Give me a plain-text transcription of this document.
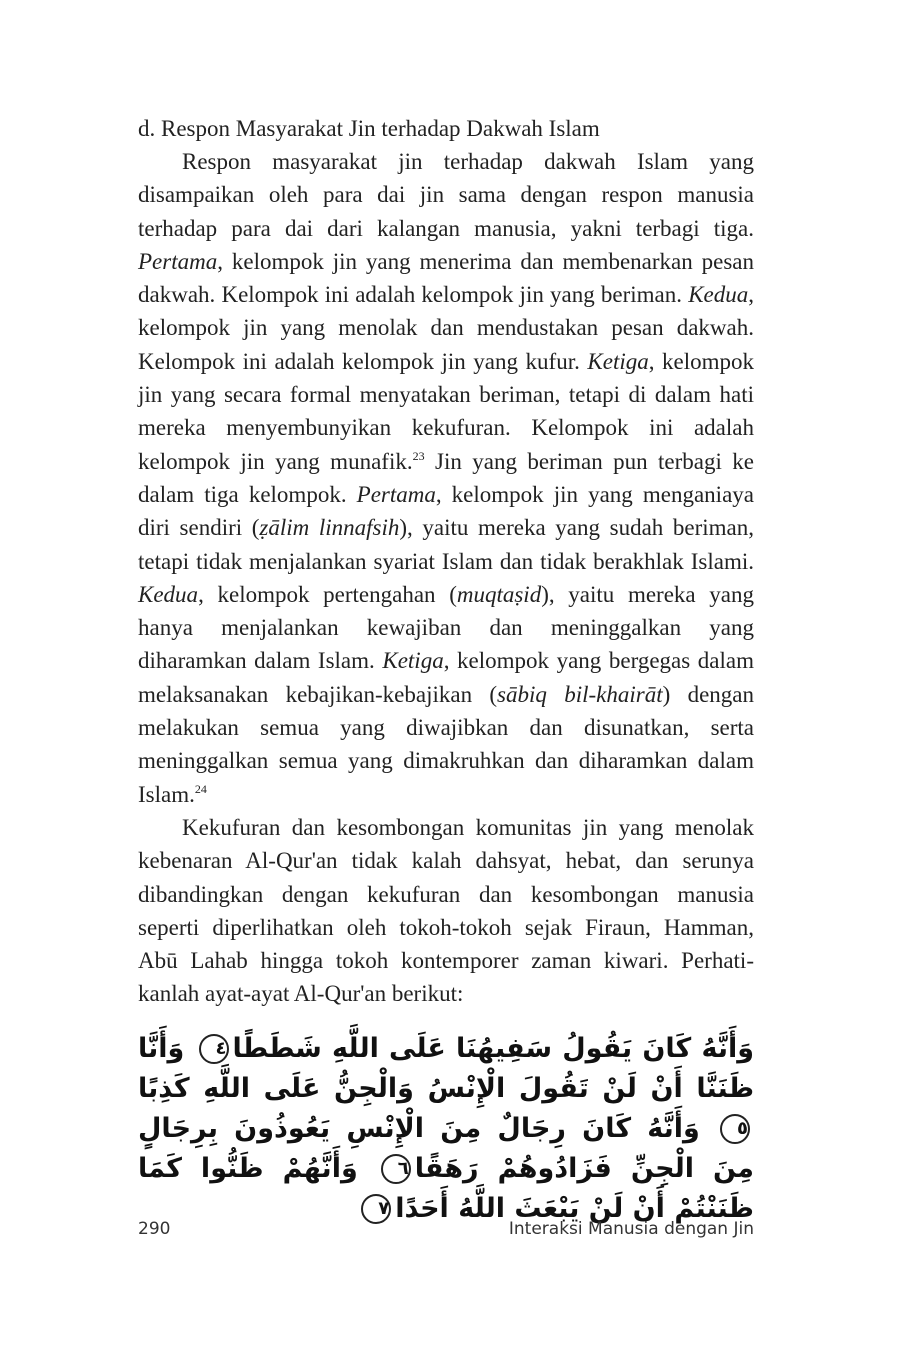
d. Respon Masyarakat Jin terhadap Dakwah Islam

Respon masyarakat jin terhadap dakwah Islam yang disampaikan oleh para dai jin sama dengan respon manusia terhadap para dai dari kalangan manusia, yakni terbagi tiga. Pertama, kelompok jin yang menerima dan membenarkan pesan dakwah. Kelompok ini adalah kelompok jin yang beriman. Kedua, kelompok jin yang menolak dan mendustakan pesan dakwah. Kelompok ini adalah kelompok jin yang kufur. Ketiga, kelompok jin yang secara formal menyatakan beriman, tetapi di dalam hati mereka menyembunyikan kekufuran. Kelompok ini adalah kelompok jin yang munafik.$^{23}$ Jin yang beriman pun terbagi ke dalam tiga kelompok. Pertama, kelompok jin yang menganiaya diri sendiri (ẓālim linnafsih), yaitu mereka yang sudah beriman, tetapi tidak menjalankan syariat Islam dan tidak berakhlak Islami. Kedua, kelompok pertengahan (muqtaṣid), yaitu mereka yang hanya menjalankan kewajiban dan meninggalkan yang diharamkan dalam Islam. Ketiga, kelompok yang bergegas dalam melaksanakan kebajikan-kebajikan (sābiq bil-khairāt) dengan melakukan semua yang diwajibkan dan disunatkan, serta meninggalkan semua yang dimakruhkan dan diharamkan dalam Islam.$^{24}$

Kekufuran dan kesombongan komunitas jin yang menolak kebenaran Al-Qur'an tidak kalah dahsyat, hebat, dan serunya dibandingkan dengan kekufuran dan kesombongan manusia seperti diperlihatkan oleh tokoh-tokoh sejak Firaun, Hamman, Abū Lahab hingga tokoh kontemporer zaman kiwari. Perhatikanlah ayat-ayat Al-Qur'an berikut:

وَأَنَّهُ كَانَ يَقُولُ سَفِيهُنَا عَلَى اللَّهِ شَطَطًا٤ وَأَنَّا ظَنَنَّا أَنْ لَنْ تَقُولَ الْإِنْسُ وَالْجِنُّ عَلَى اللَّهِ كَذِبًا٥ وَأَنَّهُ كَانَ رِجَالٌ مِنَ الْإِنْسِ يَعُوذُونَ بِرِجَالٍ مِنَ الْجِنِّ فَزَادُوهُمْ رَهَقًا٦ وَأَنَّهُمْ ظَنُّوا كَمَا ظَنَنْتُمْ أَنْ لَنْ يَبْعَثَ اللَّهُ أَحَدًا٧

290	Interaksi Manusia dengan Jin
